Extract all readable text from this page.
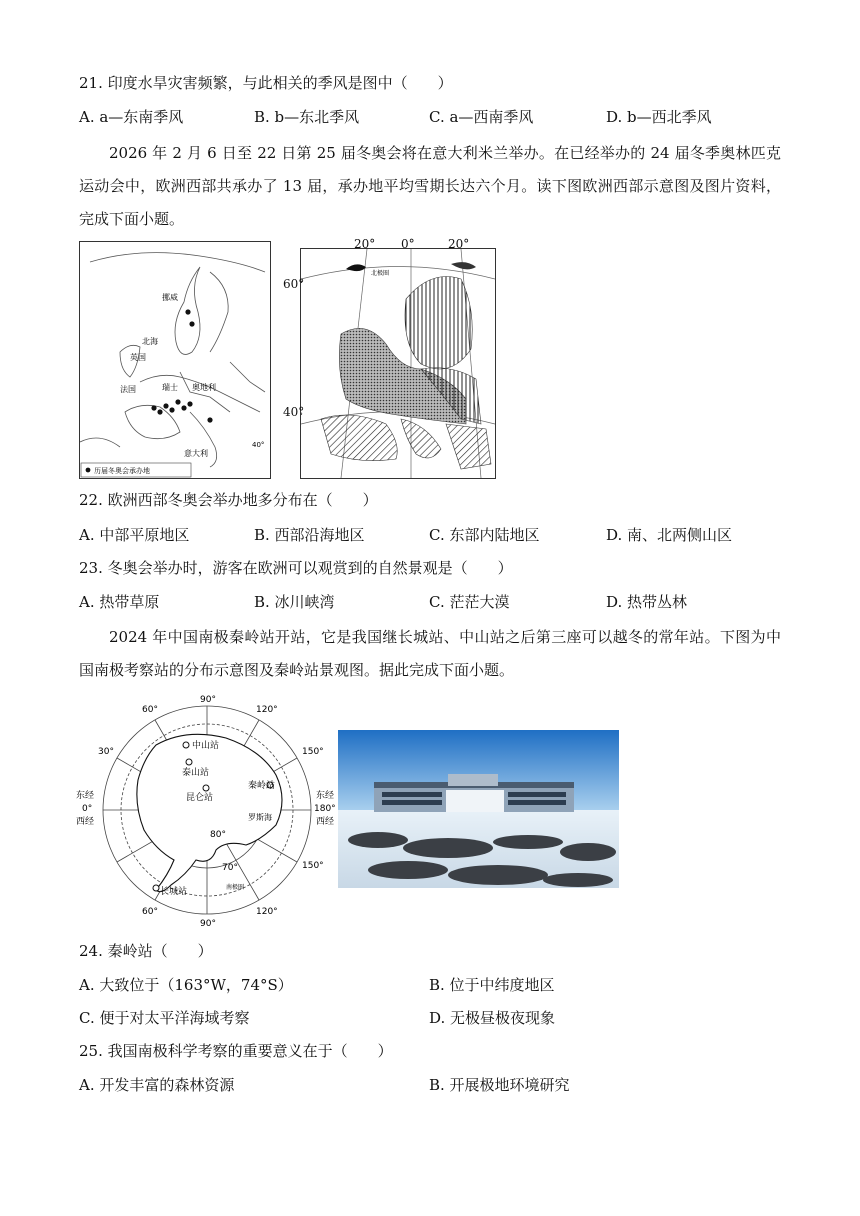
21. 印度水旱灾害频繁，与此相关的季风是图中（　　）
A. a—东南季风	B. b—东北季风	C. a—西南季风	D. b—西北季风
2026 年 2 月 6 日至 22 日第 25 届冬奥会将在意大利米兰举办。在已经举办的 24 届冬季奥林匹克运动会中，欧洲西部共承办了 13 届，承办地平均雪期长达六个月。读下图欧洲西部示意图及图片资料，完成下面小题。
挪威
北海
英国
法国	奥地利
瑞士
意大利
40°
历届冬奥会承办地
北极圈
20° 0°	20°
60°
40°
22. 欧洲西部冬奥会举办地多分布在（　　）
A. 中部平原地区	B. 西部沿海地区	C. 东部内陆地区	D. 南、北两侧山区
23. 冬奥会举办时，游客在欧洲可以观赏到的自然景观是（　　）
A. 热带草原	B. 冰川峡湾	C. 茫茫大漠	D. 热带丛林
2024 年中国南极秦岭站开站，它是我国继长城站、中山站之后第三座可以越冬的常年站。下图为中国南极考察站的分布示意图及秦岭站景观图。据此完成下面小题。
中山站
泰山站
昆仑站
秦岭站
长城站
罗斯海
南极圈
80°
70°
90°
90°
60°	120°
30°	150°
150°
60°	120°
东经
0°
西经
东经
180°
西经
24. 秦岭站（　　）
A. 大致位于（163°W，74°S）	B. 位于中纬度地区
C. 便于对太平洋海域考察	D. 无极昼极夜现象
25. 我国南极科学考察的重要意义在于（　　）
A. 开发丰富的森林资源	B. 开展极地环境研究
